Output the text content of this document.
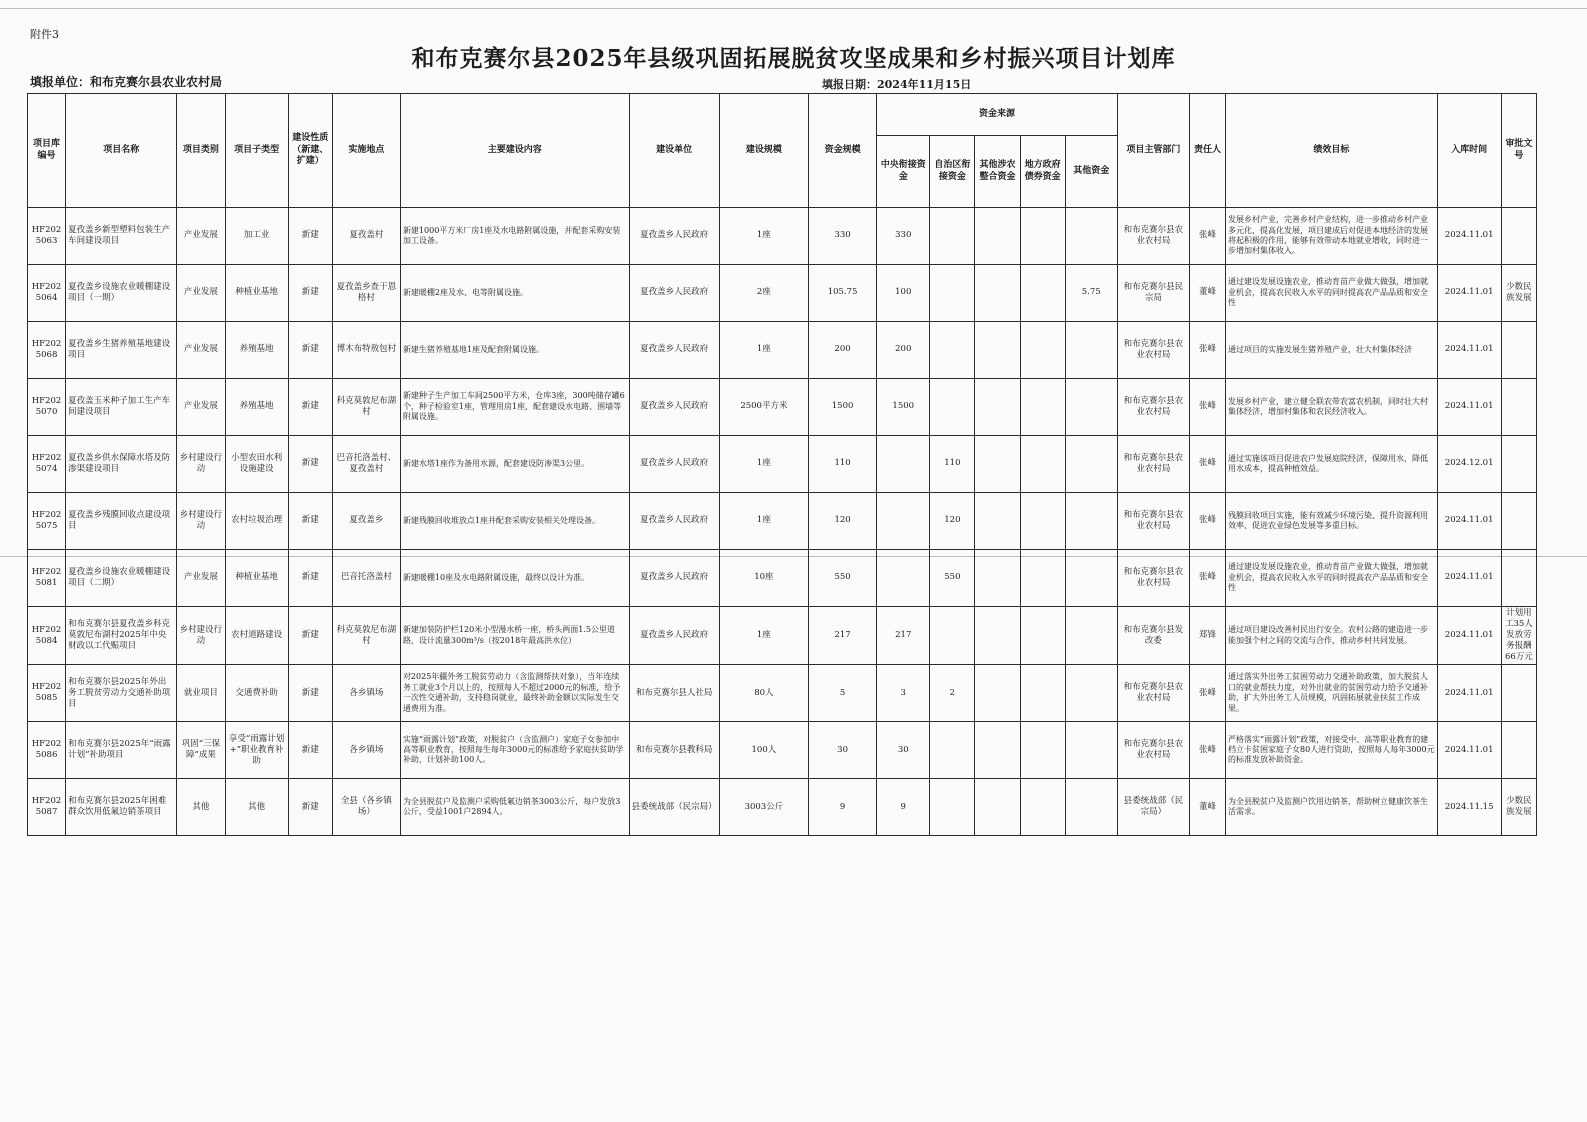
附件3
和布克赛尔县2025年县级巩固拓展脱贫攻坚成果和乡村振兴项目计划库
填报单位：和布克赛尔县农业农村局	填报日期：2024年11月15日
项目库编号	项目名称	项目类别	项目子类型	建设性质（新建、扩建）	实施地点	主要建设内容	建设单位	建设规模	资金规模	资金来源					项目主管部门	责任人	绩效目标	入库时间	审批文号
										中央衔接资金	自治区衔接资金	其他涉农整合资金	地方政府债券资金	其他资金					
HF2025063	夏孜盖乡新型塑料包装生产车间建设项目	产业发展	加工业	新建	夏孜盖村	新建1000平方米厂房1座及水电路附属设施，并配套采购安装加工设备。	夏孜盖乡人民政府	1座	330	330					和布克赛尔县农业农村局	张峰	发展乡村产业，完善乡村产业结构，进一步推动乡村产业多元化，提高化发展，项目建成后对促进本地经济的发展将起积极的作用，能够有效带动本地就业增收，同时进一步增加村集体收入。	2024.11.01	
HF2025064	夏孜盖乡设施农业暖棚建设项目（一期）	产业发展	种植业基地	新建	夏孜盖乡查干恩格村	新建暖棚2座及水、电等附属设施。	夏孜盖乡人民政府	2座	105.75	100				5.75	和布克赛尔县民宗局	董峰	通过建设发展设施农业，推动育苗产业做大做强，增加就业机会，提高农民收入水平的同时提高农产品品质和安全性	2024.11.01	少数民族发展
HF2025068	夏孜盖乡生猪养殖基地建设项目	产业发展	养殖基地	新建	博木布特敖包村	新建生猪养殖基地1座及配套附属设施。	夏孜盖乡人民政府	1座	200	200					和布克赛尔县农业农村局	张峰	通过项目的实施发展生猪养殖产业，壮大村集体经济	2024.11.01	
HF2025070	夏孜盖玉米种子加工生产车间建设项目	产业发展	养殖基地	新建	科克莫敦尼布湖村	新建种子生产加工车间2500平方米，仓库3座，300吨储存罐6个，种子检验室1座，管理用房1座，配套建设水电路、围墙等附属设施。	夏孜盖乡人民政府	2500平方米	1500	1500					和布克赛尔县农业农村局	张峰	发展乡村产业，建立健全联农带农富农机制，同时壮大村集体经济，增加村集体和农民经济收入。	2024.11.01	
HF2025074	夏孜盖乡供水保障水塔及防渗渠建设项目	乡村建设行动	小型农田水利设施建设	新建	巴音托洛盖村、夏孜盖村	新建水塔1座作为备用水源，配套建设防渗渠3公里。	夏孜盖乡人民政府	1座	110		110				和布克赛尔县农业农村局	张峰	通过实施该项目促进农户发展庭院经济，保障用水，降低用水成本，提高种植效益。	2024.12.01	
HF2025075	夏孜盖乡残膜回收点建设项目	乡村建设行动	农村垃圾治理	新建	夏孜盖乡	新建残膜回收堆放点1座并配套采购安装相关处理设备。	夏孜盖乡人民政府	1座	120		120				和布克赛尔县农业农村局	张峰	残膜回收项目实施，能有效减少环境污染、提升资源利用效率、促进农业绿色发展等多重目标。	2024.11.01	
HF2025081	夏孜盖乡设施农业暖棚建设项目（二期）	产业发展	种植业基地	新建	巴音托洛盖村	新建暖棚10座及水电路附属设施，最终以设计为准。	夏孜盖乡人民政府	10座	550		550				和布克赛尔县农业农村局	张峰	通过建设发展设施农业，推动育苗产业做大做强，增加就业机会，提高农民收入水平的同时提高农产品品质和安全性	2024.11.01	
HF2025084	和布克赛尔县夏孜盖乡科克莫敦尼布湖村2025年中央财政以工代赈项目	乡村建设行动	农村道路建设	新建	科克莫敦尼布湖村	新建加装防护栏120米小型漫水桥一座，桥头两面1.5公里道路，设计流量300m³/s（按2018年最高洪水位）	夏孜盖乡人民政府	1座	217	217					和布克赛尔县发改委	郑锋	通过项目建设改善村民出行安全。农村公路的建造进一步能加强个村之间的交流与合作，推动乡村共同发展。	2024.11.01	计划用工35人发放劳务报酬66万元
HF2025085	和布克赛尔县2025年外出务工脱贫劳动力交通补助项目	就业项目	交通费补助	新建	各乡镇场	对2025年疆外务工脱贫劳动力（含监测帮扶对象），当年连续务工就业3个月以上的，按照每人不超过2000元的标准，给予一次性交通补助，支持稳岗就业，最终补助金额以实际发生交通费用为准。	和布克赛尔县人社局	80人	5	3	2				和布克赛尔县农业农村局	张峰	通过落实外出务工贫困劳动力交通补助政策，加大脱贫人口的就业帮扶力度，对外出就业的贫困劳动力给予交通补助，扩大外出务工人员规模，巩固拓展就业扶贫工作成果。	2024.11.01	
HF2025086	和布克赛尔县2025年“雨露计划”补助项目	巩固“三保障”成果	享受“雨露计划+”职业教育补助	新建	各乡镇场	实施“雨露计划”政策，对脱贫户（含监测户）家庭子女参加中高等职业教育，按照每生每年3000元的标准给予家庭扶贫助学补助，计划补助100人。	和布克赛尔县教科局	100人	30	30					和布克赛尔县农业农村局	张峰	严格落实“雨露计划”政策，对接受中、高等职业教育的建档立卡贫困家庭子女80人进行资助，按照每人每年3000元的标准发放补助资金。	2024.11.01	
HF2025087	和布克赛尔县2025年困难群众饮用低氟边销茶项目	其他	其他	新建	全县（各乡镇场）	为全县脱贫户及监测户采购低氟边销茶3003公斤，每户发放3公斤，受益1001户2894人。	县委统战部（民宗局）	3003公斤	9	9					县委统战部（民宗局）	董峰	为全县脱贫户及监测户饮用边销茶，帮助树立健康饮茶生活需求。	2024.11.15	少数民族发展
